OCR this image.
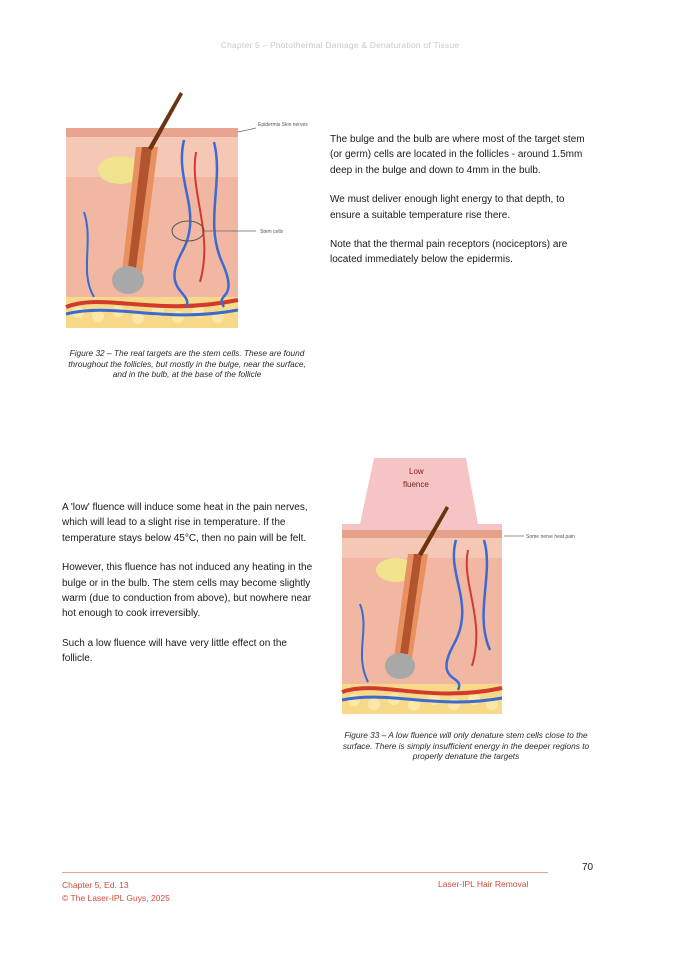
Chapter 5 – Photothermal Damage & Denaturation of Tissue
Epidermis Skin nerves
Stem cells
Figure 32 – The real targets are the stem cells. These are found throughout the follicles, but mostly in the bulge, near the surface, and in the bulb, at the base of the follicle

The bulge and the bulb are where most of the target stem (or germ) cells are located in the follicles - around 1.5mm deep in the bulge and down to 4mm in the bulb.

We must deliver enough light energy to that depth, to ensure a suitable temperature rise there.

Note that the thermal pain receptors (nociceptors) are located immediately below the epidermis.

A 'low' fluence will induce some heat in the pain nerves, which will lead to a slight rise in temperature. If the temperature stays below 45°C, then no pain will be felt.

However, this fluence has not induced any heating in the bulge or in the bulb. The stem cells may become slightly warm (due to conduction from above), but nowhere near hot enough to cook irreversibly.

Such a low fluence will have very little effect on the follicle.

Low
fluence
Some nerve heat pain
Figure 33 – A low fluence will only denature stem cells close to the surface. There is simply insufficient energy in the deeper regions to properly denature the targets
70
Chapter 5, Ed. 13
© The Laser-IPL Guys, 2025
Laser-IPL Hair Removal
